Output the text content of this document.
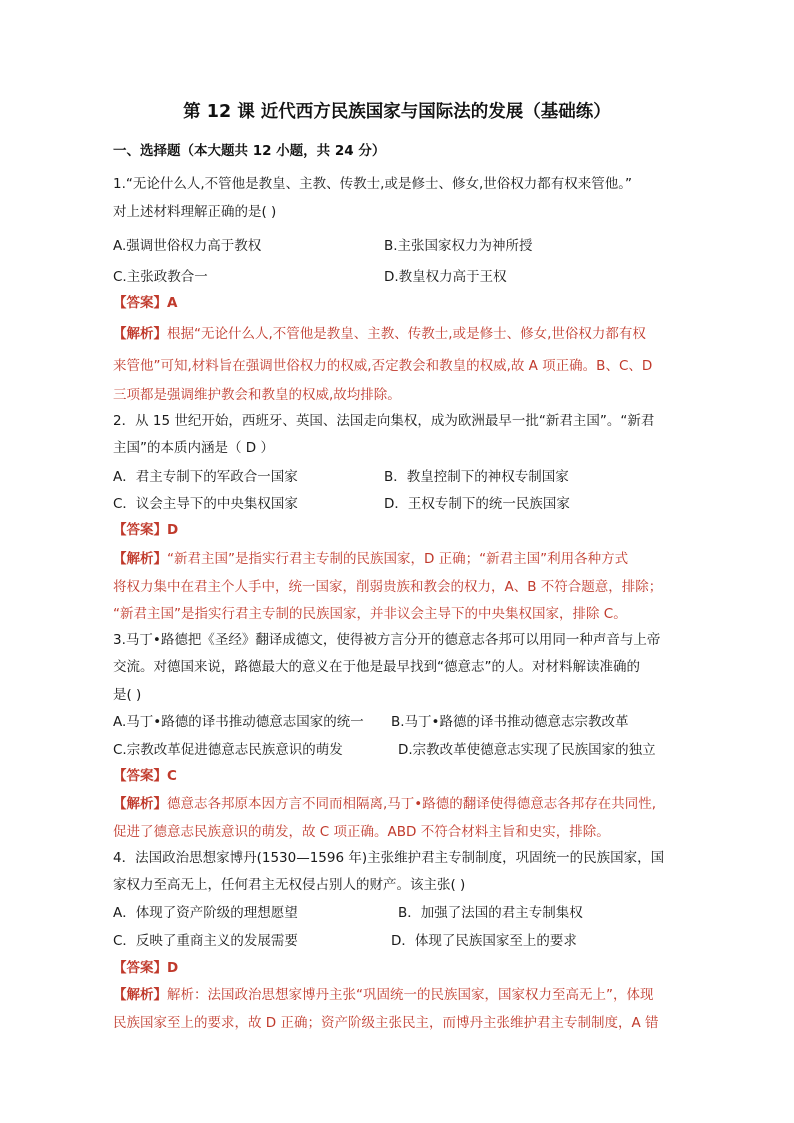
第 12 课 近代西方民族国家与国际法的发展（基础练）
一、选择题（本大题共 12 小题，共 24 分）
1.“无论什么人,不管他是教皇、主教、传教士,或是修士、修女,世俗权力都有权来管他。”
对上述材料理解正确的是( )
A.强调世俗权力高于教权	B.主张国家权力为神所授
C.主张政教合一	D.教皇权力高于王权
【答案】A
【解析】根据“无论什么人,不管他是教皇、主教、传教士,或是修士、修女,世俗权力都有权
来管他”可知,材料旨在强调世俗权力的权威,否定教会和教皇的权威,故 A 项正确。B、C、D
三项都是强调维护教会和教皇的权威,故均排除。
2．从 15 世纪开始，西班牙、英国、法国走向集权，成为欧洲最早一批“新君主国”。“新君
主国”的本质内涵是（ D ）
A．君主专制下的军政合一国家	B．教皇控制下的神权专制国家
C．议会主导下的中央集权国家	D．王权专制下的统一民族国家
【答案】D
【解析】“新君主国”是指实行君主专制的民族国家，D 正确；“新君主国”利用各种方式
将权力集中在君主个人手中，统一国家，削弱贵族和教会的权力，A、B 不符合题意，排除；
“新君主国”是指实行君主专制的民族国家，并非议会主导下的中央集权国家，排除 C。
3.马丁•路德把《圣经》翻译成德文，使得被方言分开的德意志各邦可以用同一种声音与上帝
交流。对德国来说，路德最大的意义在于他是最早找到“德意志”的人。对材料解读准确的
是( )
A.马丁•路德的译书推动德意志国家的统一 B.马丁•路德的译书推动德意志宗教改革
C.宗教改革促进德意志民族意识的萌发	D.宗教改革使德意志实现了民族国家的独立
【答案】C
【解析】德意志各邦原本因方言不同而相隔离,马丁•路德的翻译使得德意志各邦存在共同性,
促进了德意志民族意识的萌发，故 C 项正确。ABD 不符合材料主旨和史实，排除。
4．法国政治思想家博丹(1530—1596 年)主张维护君主专制制度，巩固统一的民族国家，国
家权力至高无上，任何君主无权侵占别人的财产。该主张( )
A．体现了资产阶级的理想愿望	B．加强了法国的君主专制集权
C．反映了重商主义的发展需要	D．体现了民族国家至上的要求
【答案】D
【解析】解析：法国政治思想家博丹主张“巩固统一的民族国家，国家权力至高无上”，体现
民族国家至上的要求，故 D 正确；资产阶级主张民主，而博丹主张维护君主专制制度，A 错
